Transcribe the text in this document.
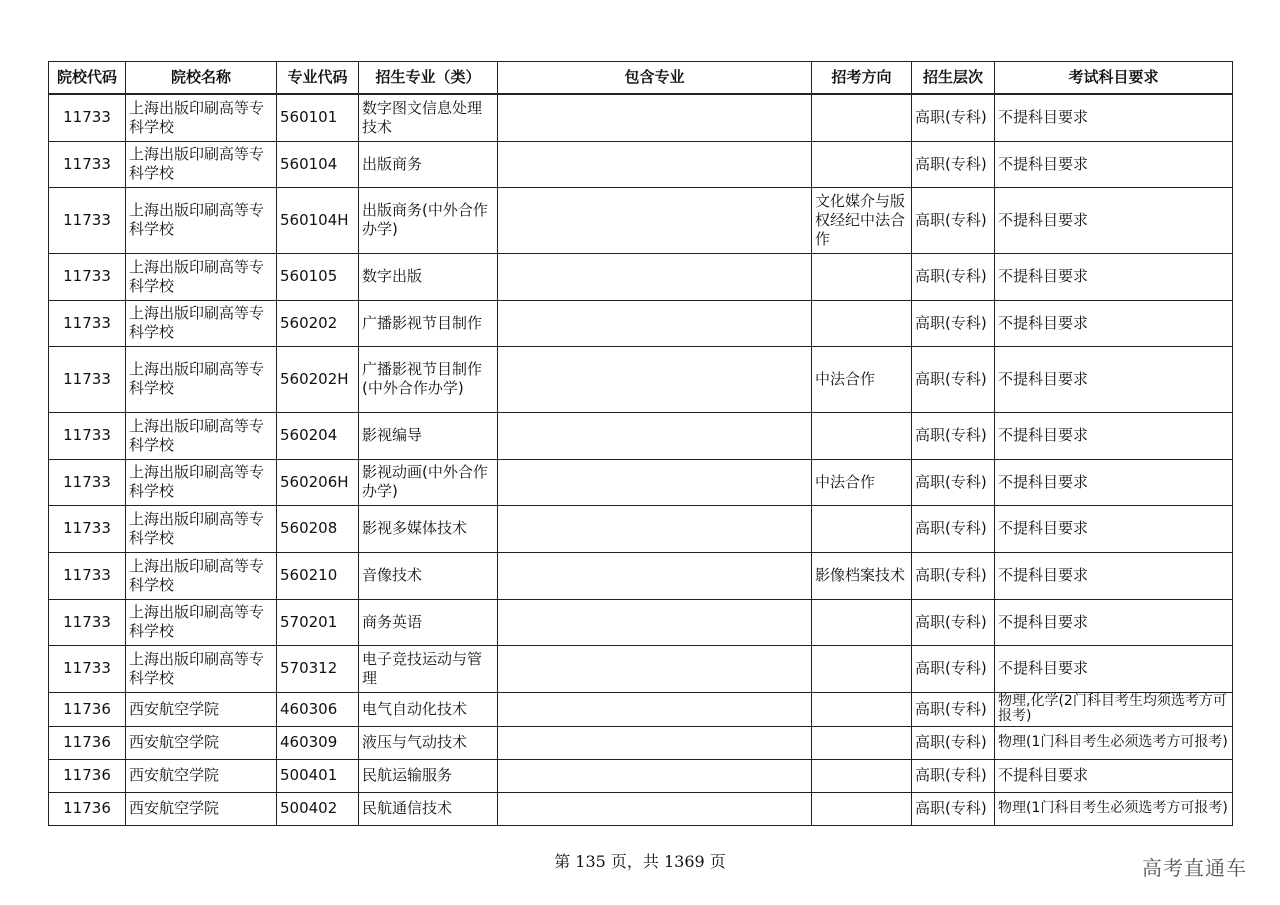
院校代码	院校名称	专业代码	招生专业（类）	包含专业	招考方向	招生层次	考试科目要求
11733	上海出版印刷高等专科学校	560101	数字图文信息处理技术			高职(专科)	不提科目要求
11733	上海出版印刷高等专科学校	560104	出版商务			高职(专科)	不提科目要求
11733	上海出版印刷高等专科学校	560104H	出版商务(中外合作办学)		文化媒介与版权经纪中法合作	高职(专科)	不提科目要求
11733	上海出版印刷高等专科学校	560105	数字出版			高职(专科)	不提科目要求
11733	上海出版印刷高等专科学校	560202	广播影视节目制作			高职(专科)	不提科目要求
11733	上海出版印刷高等专科学校	560202H	广播影视节目制作(中外合作办学)		中法合作	高职(专科)	不提科目要求
11733	上海出版印刷高等专科学校	560204	影视编导			高职(专科)	不提科目要求
11733	上海出版印刷高等专科学校	560206H	影视动画(中外合作办学)		中法合作	高职(专科)	不提科目要求
11733	上海出版印刷高等专科学校	560208	影视多媒体技术			高职(专科)	不提科目要求
11733	上海出版印刷高等专科学校	560210	音像技术		影像档案技术	高职(专科)	不提科目要求
11733	上海出版印刷高等专科学校	570201	商务英语			高职(专科)	不提科目要求
11733	上海出版印刷高等专科学校	570312	电子竞技运动与管理			高职(专科)	不提科目要求
11736	西安航空学院	460306	电气自动化技术			高职(专科)	物理,化学(2门科目考生均须选考方可报考)
11736	西安航空学院	460309	液压与气动技术			高职(专科)	物理(1门科目考生必须选考方可报考)
11736	西安航空学院	500401	民航运输服务			高职(专科)	不提科目要求
11736	西安航空学院	500402	民航通信技术			高职(专科)	物理(1门科目考生必须选考方可报考)
第 135 页，共 1369 页	高考直通车
